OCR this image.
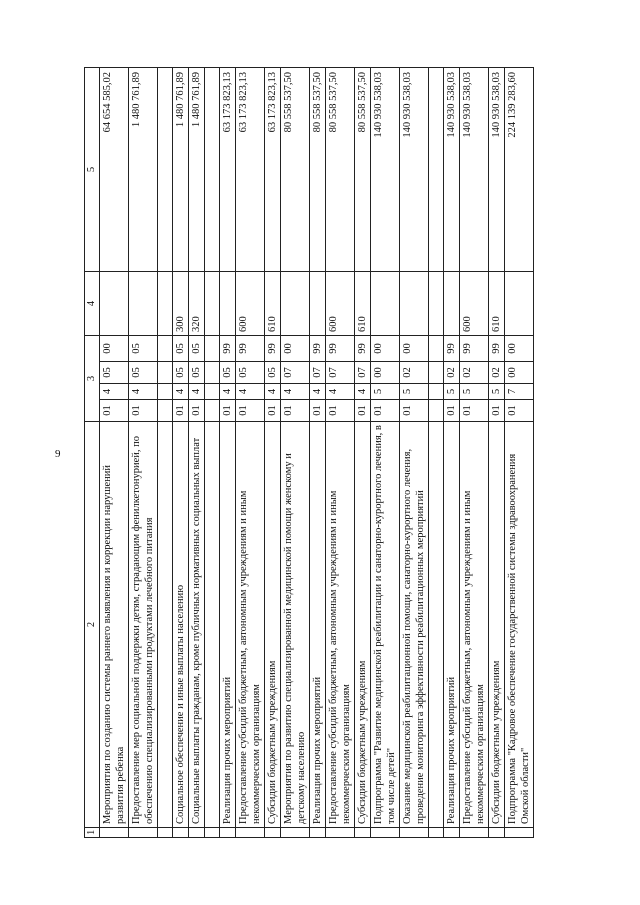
9
1	2	3				4	5
	Мероприятия по созданию системы раннего выявления и коррекции нарушений развития ребенка	01	4	05	00		64 654 585,02
	Предоставление мер социальной поддержки детям, страдающим фенилкетонурией, по обеспечению специализированными продуктами лечебного питания	01	4	05	05		1 480 761,89

	Социальное обеспечение и иные выплаты населению	01	4	05	05	300	1 480 761,89
	Социальные выплаты гражданам, кроме публичных нормативных социальных выплат	01	4	05	05	320	1 480 761,89

	Реализация прочих мероприятий	01	4	05	99		63 173 823,13
	Предоставление субсидий бюджетным, автономным учреждениям и иным некоммерческим организациям	01	4	05	99	600	63 173 823,13
	Субсидии бюджетным учреждениям	01	4	05	99	610	63 173 823,13
	Мероприятия по развитию специализированной медицинской помощи женскому и детскому населению	01	4	07	00		80 558 537,50
	Реализация прочих мероприятий	01	4	07	99		80 558 537,50
	Предоставление субсидий бюджетным, автономным учреждениям и иным некоммерческим организациям	01	4	07	99	600	80 558 537,50
	Субсидии бюджетным учреждениям	01	4	07	99	610	80 558 537,50
	Подпрограмма "Развитие медицинской реабилитации и санаторно-курортного лечения, в том числе детей"	01	5	00	00		140 930 538,03
	Оказание медицинской реабилитационной помощи, санаторно-курортного лечения, проведение мониторинга эффективности реабилитационных мероприятий	01	5	02	00		140 930 538,03

	Реализация прочих мероприятий	01	5	02	99		140 930 538,03
	Предоставление субсидий бюджетным, автономным учреждениям и иным некоммерческим организациям	01	5	02	99	600	140 930 538,03
	Субсидии бюджетным учреждениям	01	5	02	99	610	140 930 538,03
	Подпрограмма "Кадровое обеспечение государственной системы здравоохранения Омской области"	01	7	00	00		224 139 283,60
